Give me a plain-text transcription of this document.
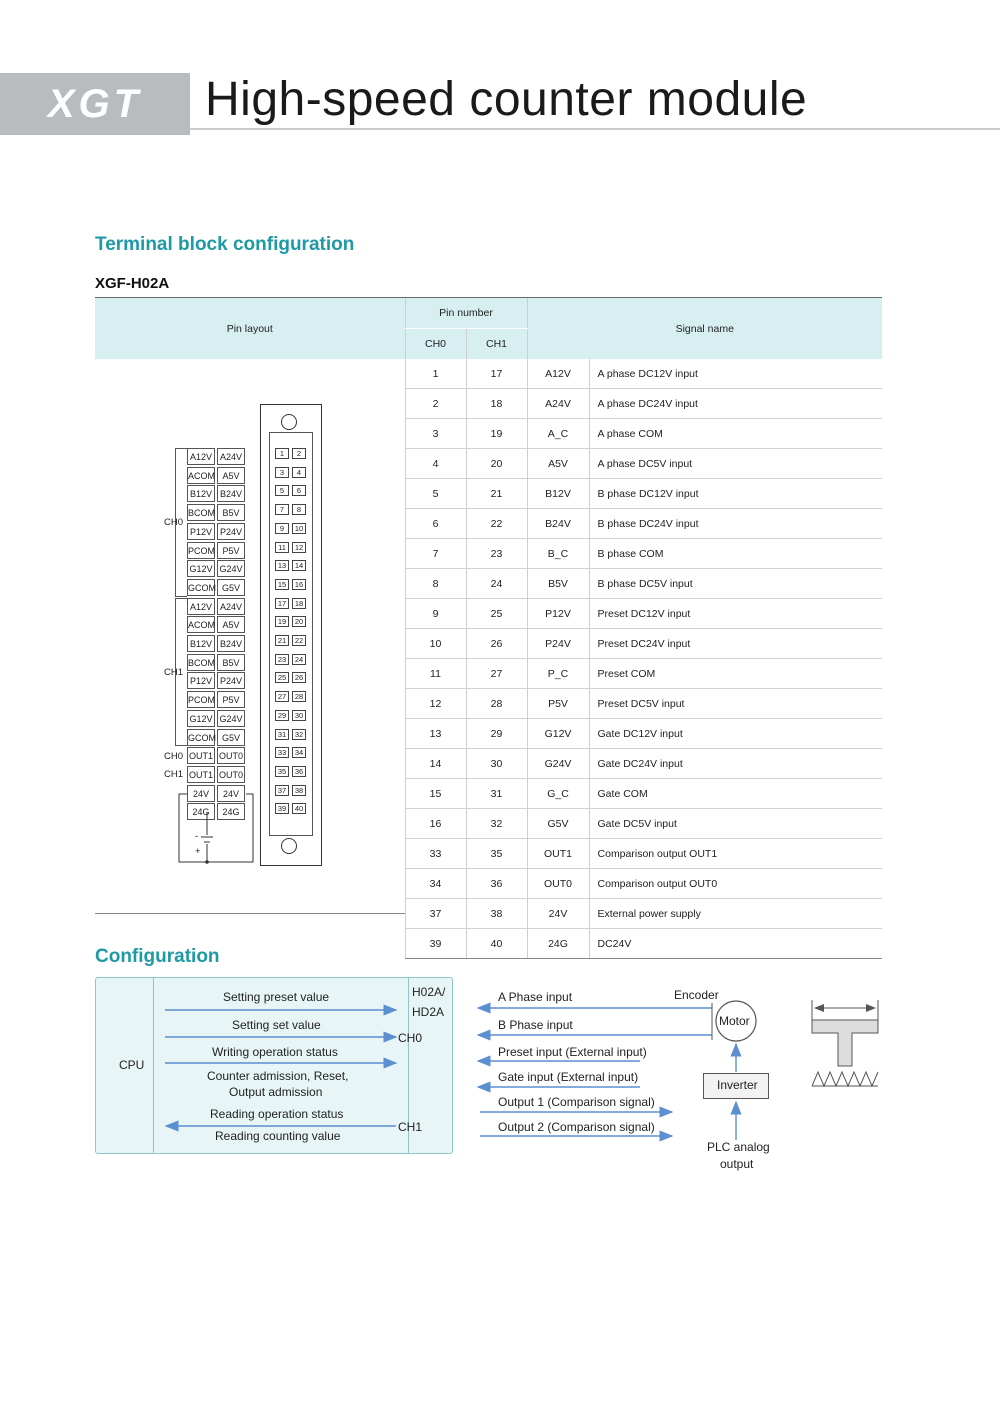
XGT	High-speed counter module
Terminal block configuration
XGF-H02A
Pin layout	Pin number		Signal name	
	CH0	CH1		
	1	17	A12V	A phase DC12V input
	2	18	A24V	A phase DC24V input
	3	19	A_C	A phase COM
	4	20	A5V	A phase DC5V input
	5	21	B12V	B phase DC12V input
	6	22	B24V	B phase DC24V input
	7	23	B_C	B phase COM
	8	24	B5V	B phase DC5V input
	9	25	P12V	Preset DC12V input
	10	26	P24V	Preset DC24V input
	11	27	P_C	Preset COM
	12	28	P5V	Preset DC5V input
	13	29	G12V	Gate DC12V input
	14	30	G24V	Gate DC24V input
	15	31	G_C	Gate COM
	16	32	G5V	Gate DC5V input
	33	35	OUT1	Comparison output OUT1
	34	36	OUT0	Comparison output OUT0
	37	38	24V	External power supply
	39	40	24G	DC24V
1	2
3	4
5	6
7	8
9	10
11	12
13	14
15	16
17	18
19	20
21	22
23	24
25	26
27	28
29	30
31	32
33	34
35	36
37	38
39	40
A12V A24V
ACOM A5V
B12V B24V
BCOM B5V
P12V P24V
PCOM P5V
G12V G24V
GCOM G5V
A12V A24V
ACOM A5V
B12V B24V
BCOM B5V
P12V P24V
PCOM P5V
G12V G24V
GCOM G5V
OUT1 OUT0
OUT1 OUT0
24V	24V
24G	24G
CH0
CH1
CH0
CH1
-
+
Configuration
CPU
H02A/
HD2A
CH0
CH1
Setting preset value
Setting set value
Writing operation status
Counter admission, Reset,
Output admission
Reading operation status
Reading counting value
A Phase input
B Phase input
Preset input (External input)
Gate input (External input)
Output 1 (Comparison signal)
Output 2 (Comparison signal)
Encoder
Motor
Inverter
PLC analog
output
